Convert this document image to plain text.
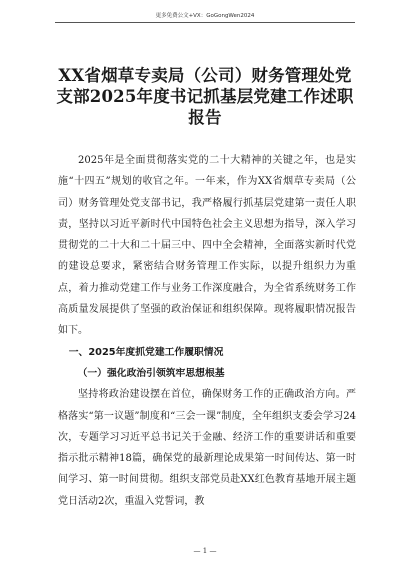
更多免费公文+VX：GoGongWen2024
XX省烟草专卖局（公司）财务管理处党
支部2025年度书记抓基层党建工作述职
报告

2025年是全面贯彻落实党的二十大精神的关键之年，也是实施“十四五”规划的收官之年。一年来，作为XX省烟草专卖局（公司）财务管理处党支部书记，我严格履行抓基层党建第一责任人职责，坚持以习近平新时代中国特色社会主义思想为指导，深入学习贯彻党的二十大和二十届三中、四中全会精神，全面落实新时代党的建设总要求，紧密结合财务管理工作实际，以提升组织力为重点，着力推动党建工作与业务工作深度融合，为全省系统财务工作高质量发展提供了坚强的政治保证和组织保障。现将履职情况报告如下。

一、2025年度抓党建工作履职情况

（一）强化政治引领筑牢思想根基

坚持将政治建设摆在首位，确保财务工作的正确政治方向。严格落实“第一议题”制度和“三会一课”制度，全年组织支委会学习24次，专题学习习近平总书记关于金融、经济工作的重要讲话和重要指示批示精神18篇，确保党的最新理论成果第一时间传达、第一时间学习、第一时间贯彻。组织支部党员赴XX红色教育基地开展主题党日活动2次，重温入党誓词，教

— 1 —
